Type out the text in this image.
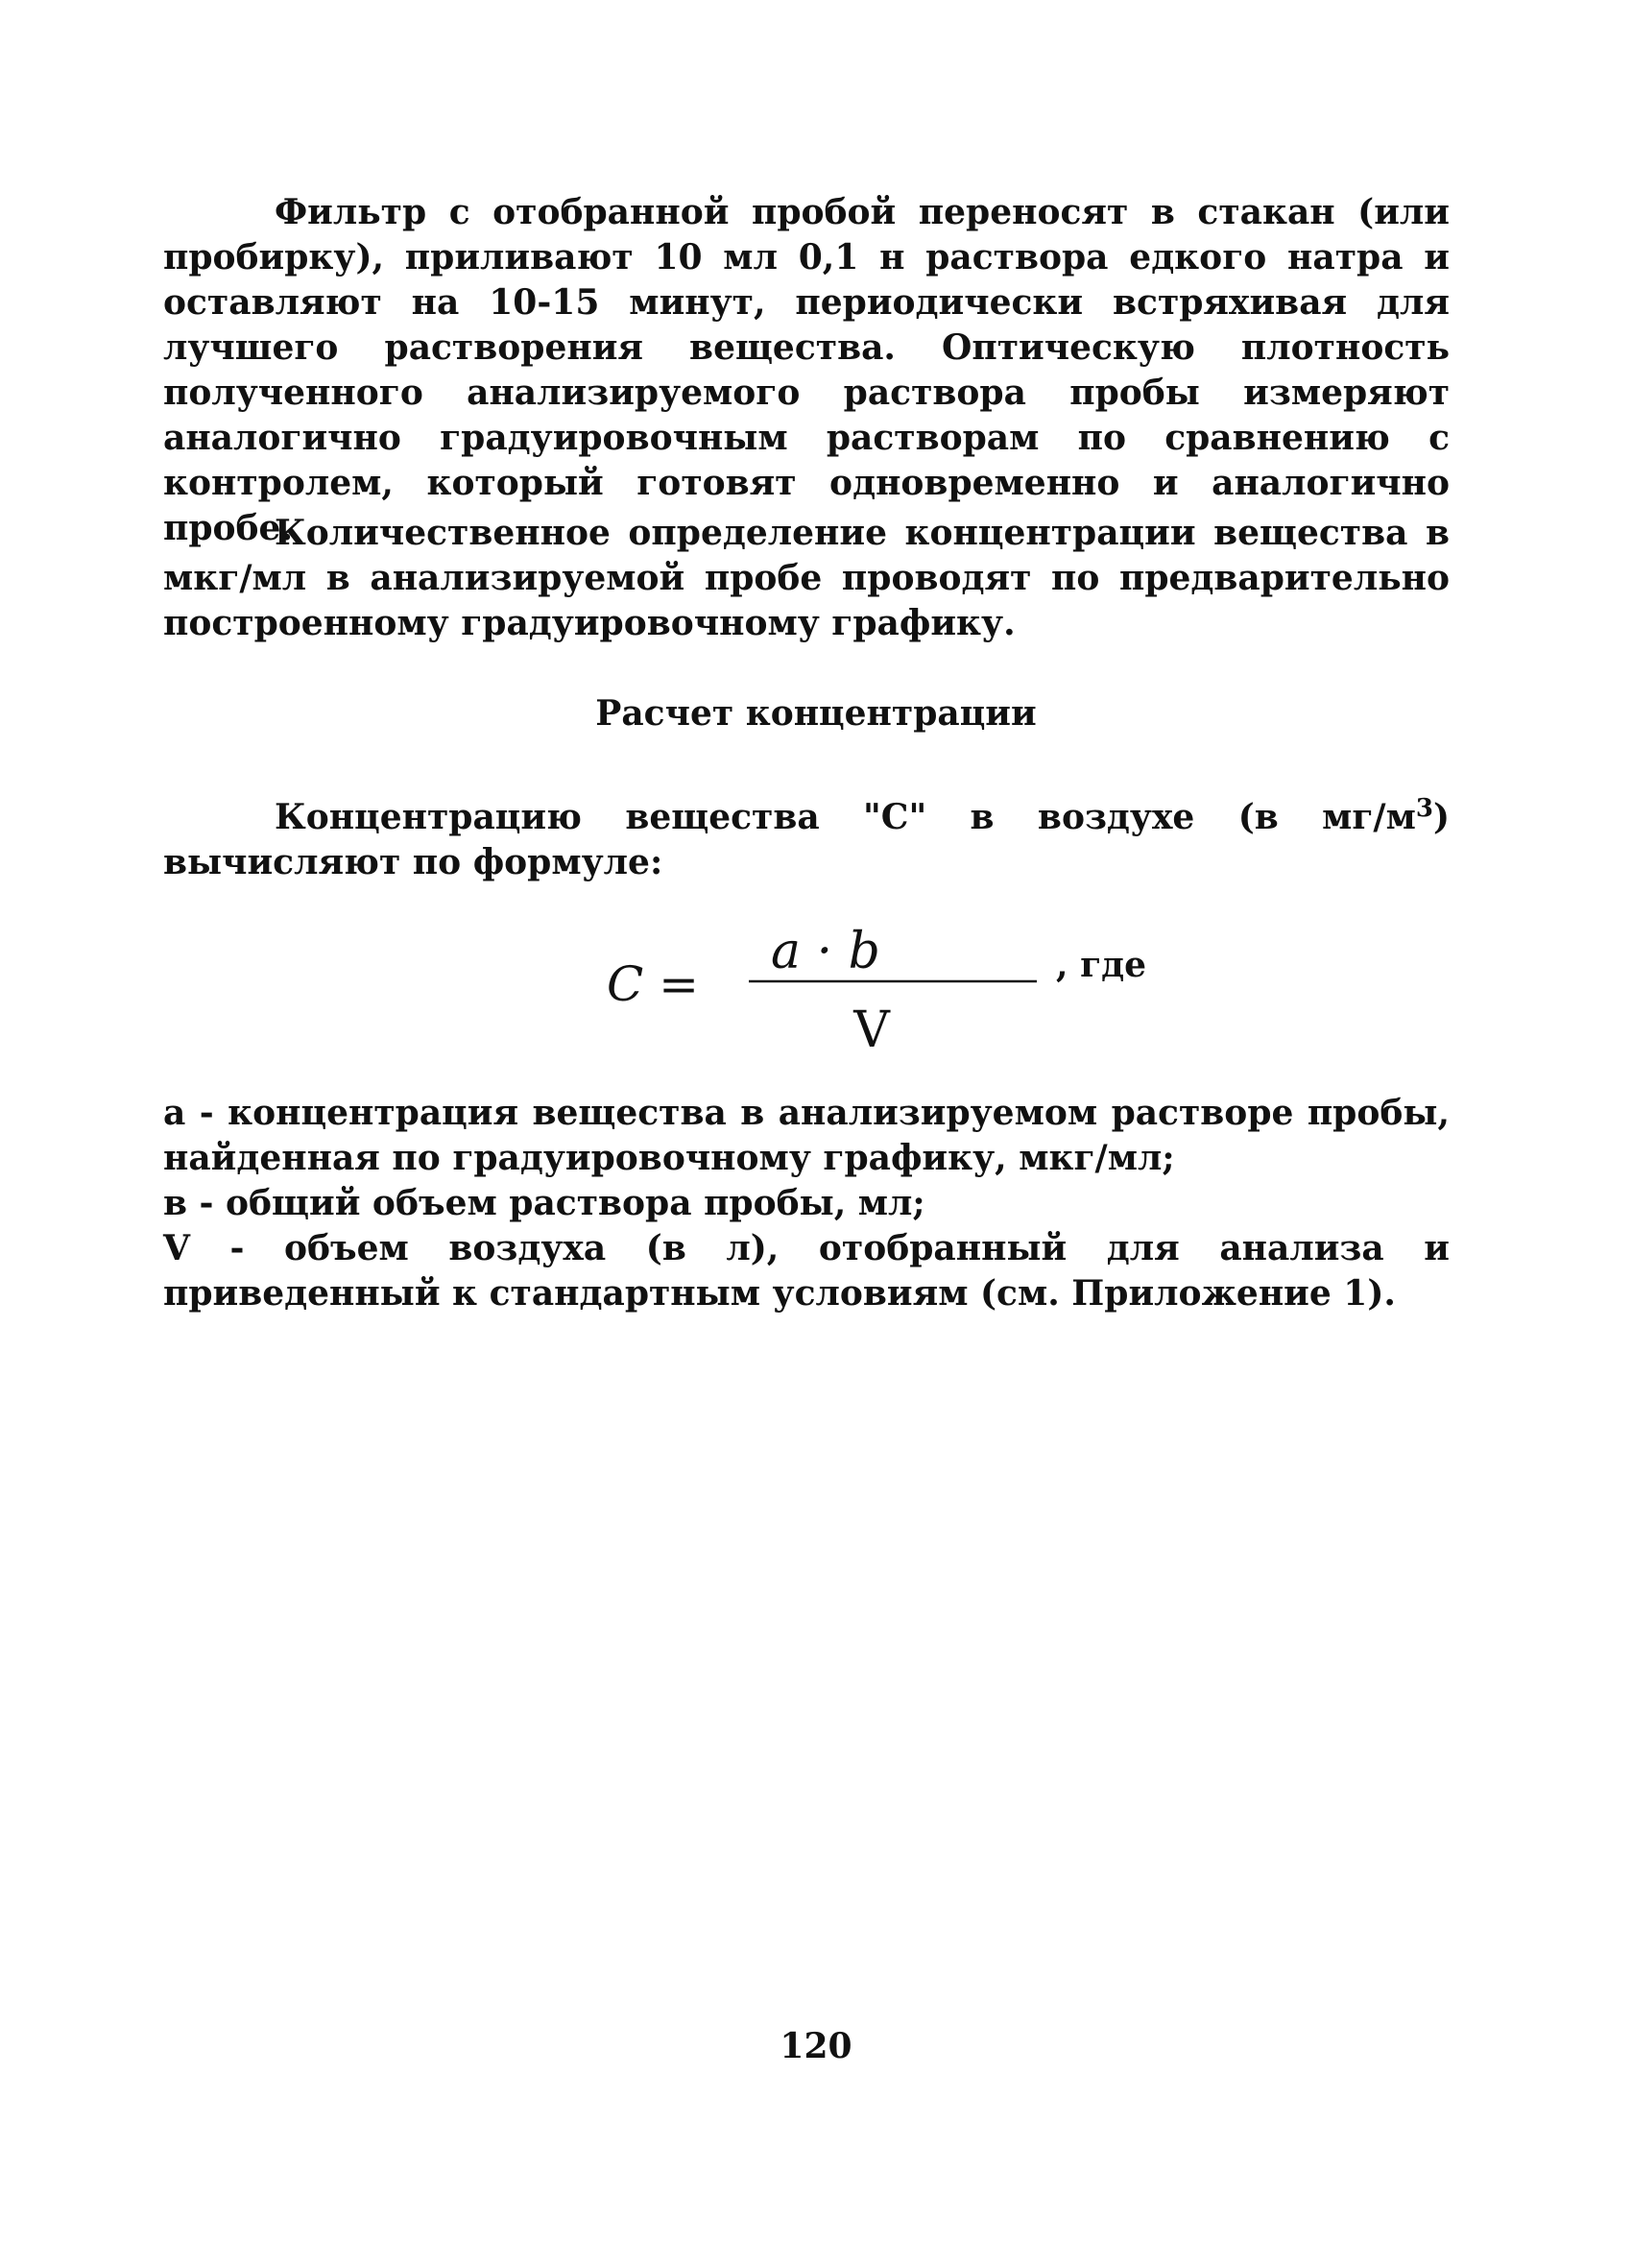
Фильтр с отобранной пробой переносят в стакан (или пробирку), приливают 10 мл 0,1 н раствора едкого натра и оставляют на 10-15 минут, периодически встряхивая для лучшего растворения вещества. Оптическую плотность полученного анализируемого раствора пробы измеряют аналогично градуировочным растворам по сравнению с контролем, который готовят одновременно и аналогично пробе.
Количественное определение концентрации вещества в мкг/мл в анализируемой пробе проводят по предварительно построенному градуировочному графику.
Расчет концентрации
Концентрацию вещества "С" в воздухе (в $мг/м^3$) вычисляют по формуле:
C =
a · b
V
, где
а - концентрация вещества в анализируемом растворе пробы, найденная по градуировочному графику, мкг/мл;
в - общий объем раствора пробы, мл;
V - объем воздуха (в л), отобранный для анализа и приведенный к стандартным условиям (см. Приложение 1).
120
